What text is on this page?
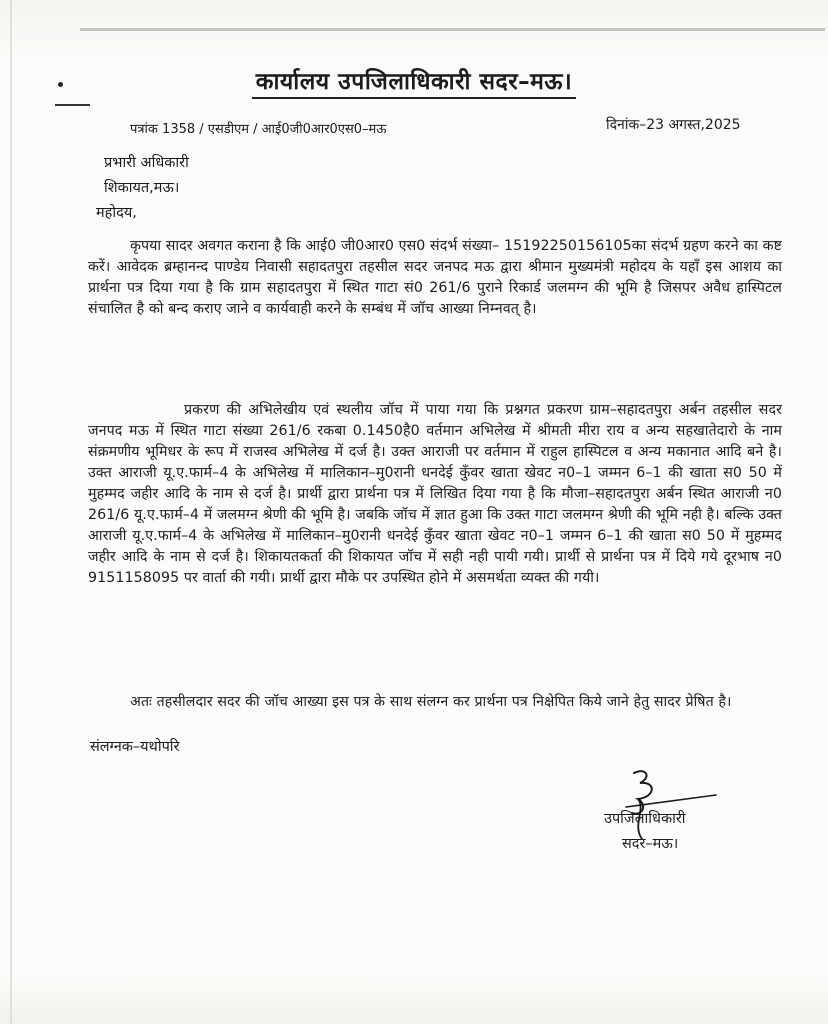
कार्यालय उपजिलाधिकारी सदर–मऊ।
पत्रांक 1358 / एसडीएम / आई0जी0आर0एस0–मऊ	दिनांक–23 अगस्त,2025
प्रभारी अधिकारी
शिकायत,मऊ।
महोदय,
कृपया सादर अवगत कराना है कि आई0 जी0आर0 एस0 संदर्भ संख्या– 15192250156105का संदर्भ ग्रहण करने का कष्ट करें। आवेदक ब्रम्हानन्द पाण्डेय निवासी सहादतपुरा तहसील सदर जनपद मऊ द्वारा श्रीमान मुख्यमंत्री महोदय के यहाँ इस आशय का प्रार्थना पत्र दिया गया है कि ग्राम सहादतपुरा में स्थित गाटा सं0 261/6 पुराने रिकार्ड जलमग्न की भूमि है जिसपर अवैध हास्पिटल संचालित है को बन्द कराए जाने व कार्यवाही करने के सम्बंध में जॉच आख्या निम्नवत् है।
प्रकरण की अभिलेखीय एवं स्थलीय जॉच में पाया गया कि प्रश्नगत प्रकरण ग्राम–सहादतपुरा अर्बन तहसील सदर जनपद मऊ में स्थित गाटा संख्या 261/6 रकबा 0.1450है0 वर्तमान अभिलेख में श्रीमती मीरा राय व अन्य सहखातेदारो के नाम संक्रमणीय भूमिधर के रूप में राजस्व अभिलेख में दर्ज है। उक्त आराजी पर वर्तमान में राहुल हास्पिटल व अन्य मकानात आदि बने है। उक्त आराजी यू.ए.फार्म–4 के अभिलेख में मालिकान–मु0रानी धनदेई कुँवर खाता खेवट न0–1 जम्मन 6–1 की खाता स0 50 में मुहम्मद जहीर आदि के नाम से दर्ज है। प्रार्थी द्वारा प्रार्थना पत्र में लिखित दिया गया है कि मौजा–सहादतपुरा अर्बन स्थित आराजी न0 261/6 यू.ए.फार्म–4 में जलमग्न श्रेणी की भूमि है। जबकि जॉच में ज्ञात हुआ कि उक्त गाटा जलमग्न श्रेणी की भूमि नही है। बल्कि उक्त आराजी यू.ए.फार्म–4 के अभिलेख में मालिकान–मु0रानी धनदेई कुँवर खाता खेवट न0–1 जम्मन 6–1 की खाता स0 50 में मुहम्मद जहीर आदि के नाम से दर्ज है। शिकायतकर्ता की शिकायत जॉच में सही नही पायी गयी। प्रार्थी से प्रार्थना पत्र में दिये गये दूरभाष न0 9151158095 पर वार्ता की गयी। प्रार्थी द्वारा मौके पर उपस्थित होने में असमर्थता व्यक्त की गयी।
अतः तहसीलदार सदर की जॉच आख्या इस पत्र के साथ संलग्न कर प्रार्थना पत्र निक्षेपित किये जाने हेतु सादर प्रेषित है।
संलग्नक–यथोपरि
उपजिलाधिकारी
सदर–मऊ।
